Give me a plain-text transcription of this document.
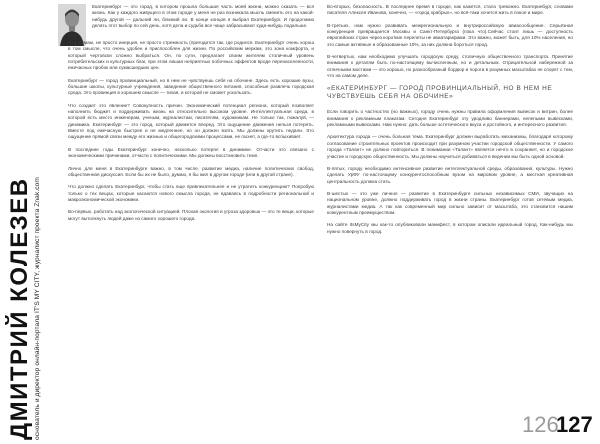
ДМИТРИЙ КОЛЕЗЕВ основатель и директор онлайн-портала IT'S MY CITY, журналист проекта Znak.com
Екатеринбург — это город, в котором прошла большая часть моей жизни, можно сказать — вся жизнь. Как у каждого живущего в этом городе у меня не раз возникала мысль сменить его на какой-нибудь другой — дальний ли, близкий ли. В конце концов я выбрал Екатеринбург. И продолжаю делать этот выбор по сей день, хотя дела и судьба все чаще забрасывают куда-нибудь подальше.

Это, думаю, не просто инерция, не просто стремность (пригодится так, где родился. Екатеринбург очень хорош в том смысле, что очень удобен и приспособлен для жизни. По российским меркам, это зона комфорта, и который чертовски сложно выбраться. Он, по сути, предлагает своим жителям столичный уровень потребительских и культурных благ, при этом лишая неприятных побочных эффектов вроде перенаселенности, ежечасных пробок или сумасшедших цен.

Екатеринбург — город провинциальный, но в нем не чувствуешь себя на обочине. Здесь есть хорошие вузы, большие школы, культурные учреждения, заведения общественного питания, способные развлечь городская среда. Это провинция в хорошем смысле — тихая, и которой не сможет ускользать.

Что создает это явление? Совокупность причин. Экономический потенциал региона, который позволяет наполнить бюджет и поддерживать жизнь на относительно высоком уровне. Интеллектуальная среда, в которой есть место инженерам, ученым, журналистам, писателям, художникам. Не только так, пожалуй, — динамика. Екатеринбург — это город, который движется вперед. Это ощущение движения нельзя потерять. Вместе под ежечасную быстрее и не медленнее, но он должен взять. Мы должны крутить педали. Это ощущение прямой связи между его жизнью и общегородскими процессами, не гаснет, а где-то вспыхивает.

В последние годы Екатеринбург конечно, несколько потерял в динамике. Отчасти это связано с экономическими причинами, отчасти с политическими. Мы должны восстановить темп.

Лично для меня в Екатеринбурге важно, в том числе, развитие медиа, наличие политических свобод, общественная дискуссия. Если бы их не было, думаю, я бы жил в другом городе (или в другой стране).

Что должно сделать Екатеринбург, чтобы стать еще привлекательнее и не утратить конкуренцию? Попробую только о тех вещах, которые касаются нового смысла города, не вдаваясь в подробности региональной и макроэкономической экономики.

Во-первых, работать над экологической ситуацией. Плохая экология и угроза здоровью — это те вещи, которые могут вытолкнуть людей даже из самого хорошего города.

Во-вторых, безопасность. В последнее время в городе, как кажется, стало тревожно. Екатеринбург, словами писателя Алексея Иванова, конечно, — «город храбрых», но всё-таки хочется жить в покое и мире.

В-третьих, нам нужно развивать межрегиональную и внутрироссийскую авиасообщение. Серьёзная конкуренция превращается Москвы и Санкт-Петербурга (пока что).Сейчас стоит лишь — доступность европейских стран через короткие перелеты не авиатарифами. Это важно, может быть, для 10% населения, но это самые активные и образованные 10%, за них должна бороться город.

В-четвертых, нам необходимо улучшать городскую среду, столичную общественного транспорта. Принятие внимания к деталям быть по-настоящему вычисленным, но и детальным. Отрицательной набережной за отличными мостами — это хорошо, но разнообразный бордюр и пороги в разумных масштабах не спорят с тем, что на самом деле.

«ЕКАТЕРИНБУРГ — ГОРОД ПРОВИНЦИАЛЬНЫЙ, НО В НЕМ НЕ ЧУВСТВУЕШЬ СЕБЯ НА ОБОЧИНЕ»

Если говорить о частностях (но важных), городу очень нужны правила оформления вывесок и витрин, более внимания к рекламным плакатам. Сегодня Екатеринбург эту уродливо баннерами, нелепыми вывесками, рекламными вывесками. Нам нужно: дать больше эстетического вкуса и достойного, и интересного развития.

Архитектура города — очень больная тема. Екатеринбург должен выработать механизмы, благодаря которому согласование строительных проектов происходит при разумном участии городской общественности. У самого города «Талант» не должно повториться. В понимании «Талант» является нечто в сохраняет, но и городское участие и городскую общественность. Мы должны научиться добиваться в ведении мы быть одной основой.

В-пятых, городу необходимо интенсивное развитие интеллектуальной среды, образования, культуры. Нужно сделать УрФУ по-настоящему конкурентоспособным вузом на мировом уровне, а местная креативная центральность должна стать.

В-шестых — это уже личное — развитие в Екатеринбурге сильных независимых СМИ, звучащих на национальном уровне, должно поддерживать город в жизни страны. Екатеринбург готов сетевым медиа, журналистами медиа. А так как современный мир сильно зависит от масштаба, это становится нашим конкурентным преимуществом.

На сайте ItsMyCity мы как-то опубликовали манифест, в котором описали идеальный город. Как-нибудь мы нужно повернуть в город.

126
127
